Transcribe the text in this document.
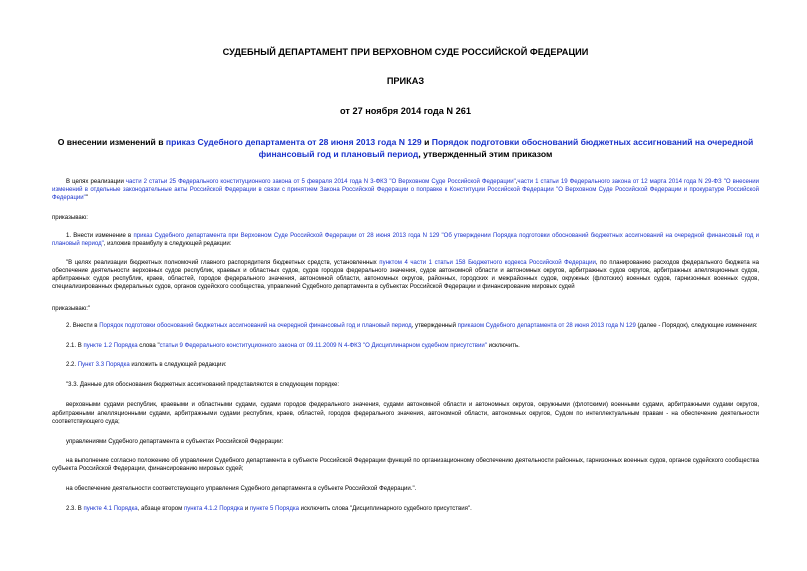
СУДЕБНЫЙ ДЕПАРТАМЕНТ ПРИ ВЕРХОВНОМ СУДЕ РОССИЙСКОЙ ФЕДЕРАЦИИ
ПРИКАЗ
от 27 ноября 2014 года N 261
О внесении изменений в приказ Судебного департамента от 28 июня 2013 года N 129 и Порядок подготовки обоснований бюджетных ассигнований на очередной финансовый год и плановый период, утвержденный этим приказом
В целях реализации части 2 статьи 25 Федерального конституционного закона от 5 февраля 2014 года N 3-ФКЗ "О Верховном Суде Российской Федерации",части 1 статьи 19 Федерального закона от 12 марта 2014 года N 29-ФЗ "О внесении изменений в отдельные законодательные акты Российской Федерации в связи с принятием Закона Российской Федерации о поправке к Конституции Российской Федерации "О Верховном Суде Российской Федерации и прокуратуре Российской Федерации""
приказываю:
1. Внести изменение в приказ Судебного департамента при Верховном Суде Российской Федерации от 28 июня 2013 года N 129 "Об утверждении Порядка подготовки обоснований бюджетных ассигнований на очередной финансовый год и плановый период", изложив преамбулу в следующей редакции:
"В целях реализации бюджетных полномочий главного распорядителя бюджетных средств, установленных пунктом 4 части 1 статьи 158 Бюджетного кодекса Российской Федерации, по планированию расходов федерального бюджета на обеспечение деятельности верховных судов республик, краевых и областных судов, судов городов федерального значения, судов автономной области и автономных округов, арбитражных судов округов, арбитражных апелляционных судов, арбитражных судов республик, краев, областей, городов федерального значения, автономной области, автономных округов, районных, городских и межрайонных судов, окружных (флотских) военных судов, гарнизонных военных судов, специализированных федеральных судов, органов судейского сообщества, управлений Судебного департамента в субъектах Российской Федерации и финансирование мировых судей
приказываю:"
2. Внести в Порядок подготовки обоснований бюджетных ассигнований на очередной финансовый год и плановый период, утвержденный приказом Судебного департамента от 28 июня 2013 года N 129 (далее - Порядок), следующие изменения:
2.1. В пункте 1.2 Порядка слова "статьи 9 Федерального конституционного закона от 09.11.2009 N 4-ФКЗ "О Дисциплинарном судебном присутствии" исключить.
2.2. Пункт 3.3 Порядка изложить в следующей редакции:
"3.3. Данные для обоснования бюджетных ассигнований представляются в следующем порядке:
верховными судами республик, краевыми и областными судами, судами городов федерального значения, судами автономной области и автономных округов, окружными (флотскими) военными судами, арбитражными судами округов, арбитражными апелляционными судами, арбитражными судами республик, краев, областей, городов федерального значения, автономной области, автономных округов, Судом по интеллектуальным правам - на обеспечение деятельности соответствующего суда;
управлениями Судебного департамента в субъектах Российской Федерации:
на выполнение согласно положению об управлении Судебного департамента в субъекте Российской Федерации функций по организационному обеспечению деятельности районных, гарнизонных военных судов, органов судейского сообщества субъекта Российской Федерации, финансированию мировых судей;
на обеспечение деятельности соответствующего управления Судебного департамента в субъекте Российской Федерации.".
2.3. В пункте 4.1 Порядка, абзаце втором пункта 4.1.2 Порядка и пункте 5 Порядка исключить слова "Дисциплинарного судебного присутствия".
